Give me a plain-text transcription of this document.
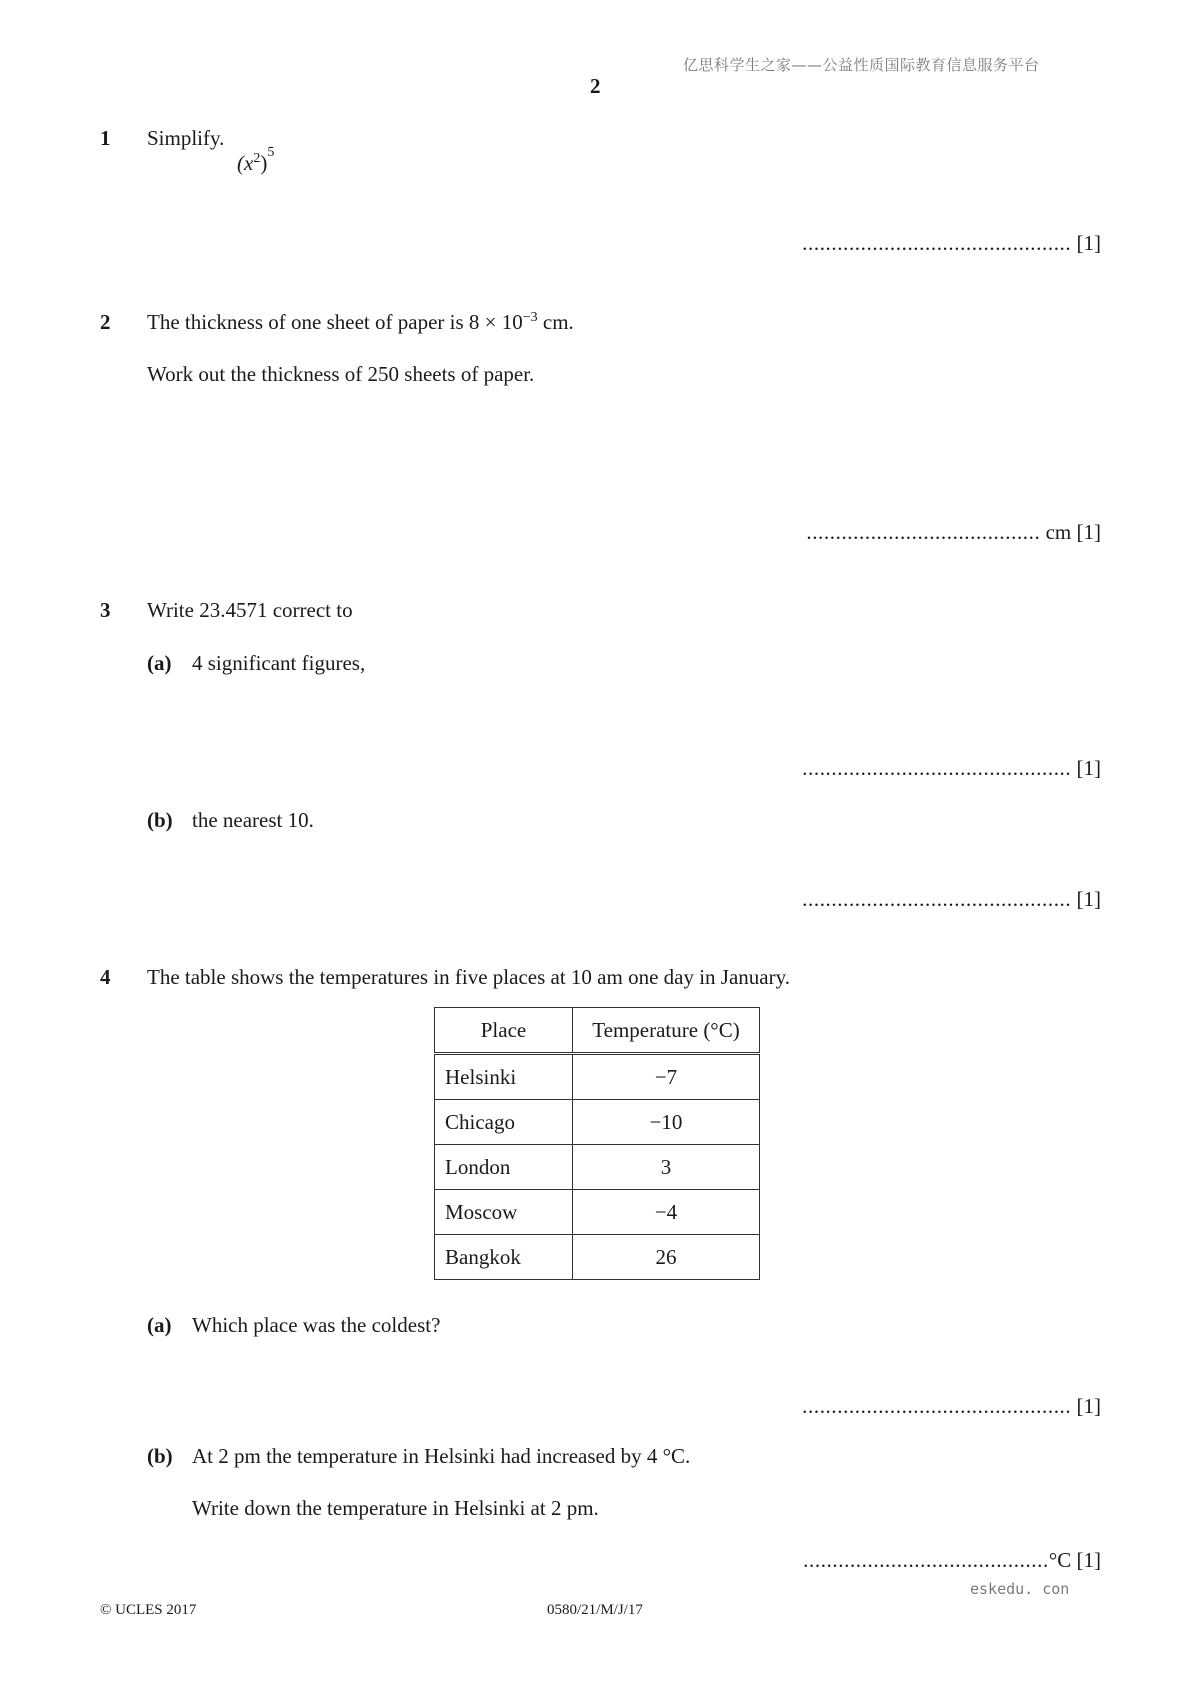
亿思科学生之家——公益性质国际教育信息服务平台
2
1 Simplify.
$(x^2)^5$
.............................................. [1]
2 The thickness of one sheet of paper is $8 \times 10^{-3}$ cm.
Work out the thickness of 250 sheets of paper.
........................................ cm [1]
3 Write 23.4571 correct to
(a) 4 significant figures,
.............................................. [1]
(b) the nearest 10.
.............................................. [1]
4 The table shows the temperatures in five places at 10 am one day in January.
Place	Temperature (°C)
Helsinki	−7
Chicago	−10
London	3
Moscow	−4
Bangkok	26
(a) Which place was the coldest?
.............................................. [1]
(b) At 2 pm the temperature in Helsinki had increased by 4 °C.
Write down the temperature in Helsinki at 2 pm.
..........................................°C [1]
eskedu. con
© UCLES 2017	0580/21/M/J/17
